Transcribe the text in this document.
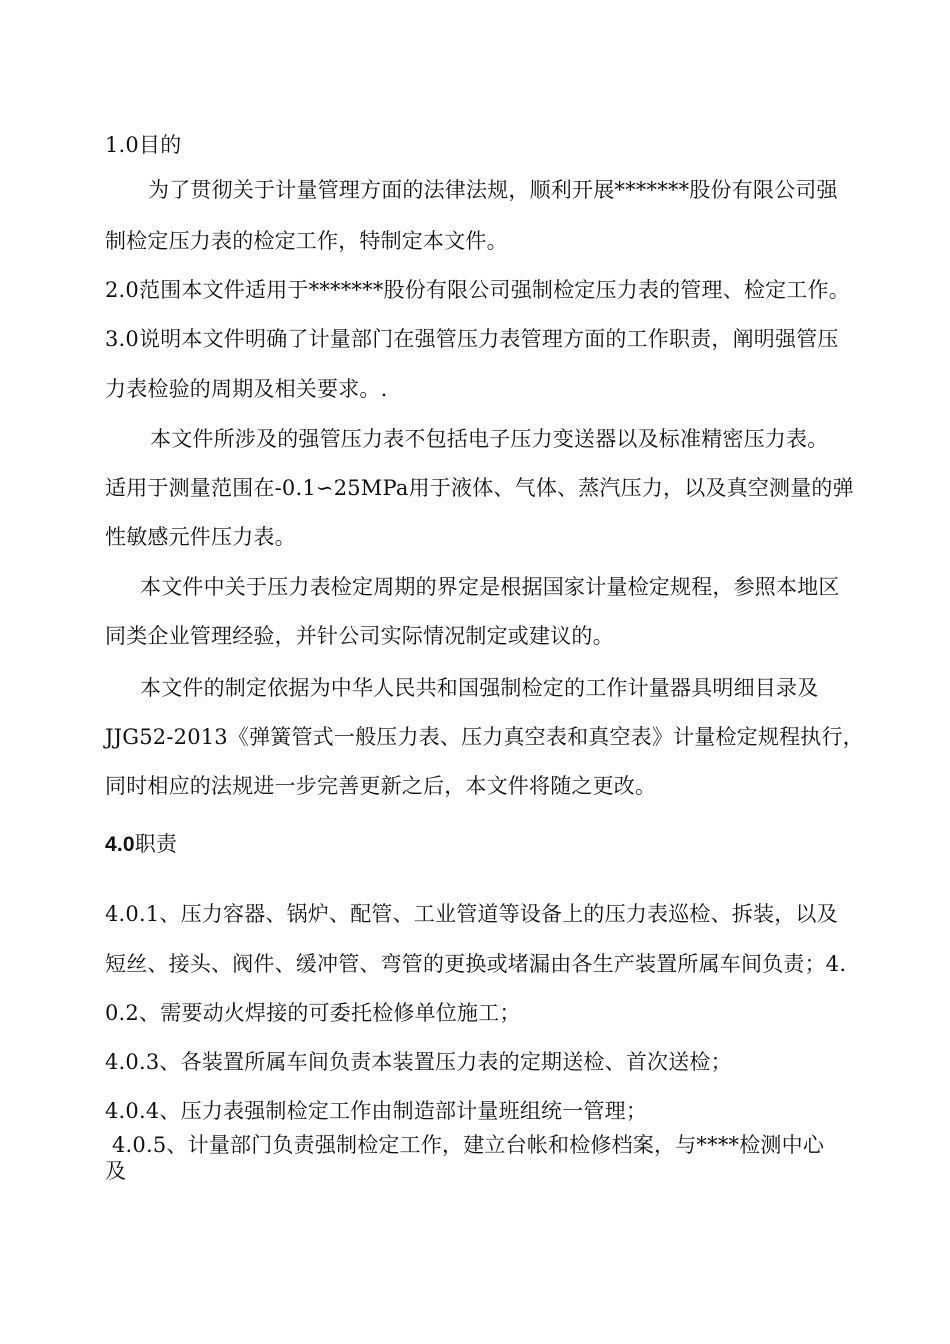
1.0目的
为了贯彻关于计量管理方面的法律法规，顺利开展*******股份有限公司强
制检定压力表的检定工作，特制定本文件。
2.0范围本文件适用于*******股份有限公司强制检定压力表的管理、检定工作。
3.0说明本文件明确了计量部门在强管压力表管理方面的工作职责，阐明强管压
力表检验的周期及相关要求。.
本文件所涉及的强管压力表不包括电子压力变送器以及标准精密压力表。
适用于测量范围在-0.1∽25MPa用于液体、气体、蒸汽压力，以及真空测量的弹
性敏感元件压力表。
本文件中关于压力表检定周期的界定是根据国家计量检定规程，参照本地区
同类企业管理经验，并针公司实际情况制定或建议的。
本文件的制定依据为中华人民共和国强制检定的工作计量器具明细目录及
JJG52-2013《弹簧管式一般压力表、压力真空表和真空表》计量检定规程执行，
同时相应的法规进一步完善更新之后，本文件将随之更改。
4.0职责
4.0.1、压力容器、锅炉、配管、工业管道等设备上的压力表巡检、拆装，以及
短丝、接头、阀件、缓冲管、弯管的更换或堵漏由各生产装置所属车间负责；4.
0.2、需要动火焊接的可委托检修单位施工；
4.0.3、各装置所属车间负责本装置压力表的定期送检、首次送检；
4.0.4、压力表强制检定工作由制造部计量班组统一管理；
4.0.5、计量部门负责强制检定工作，建立台帐和检修档案，与****检测中心
及
